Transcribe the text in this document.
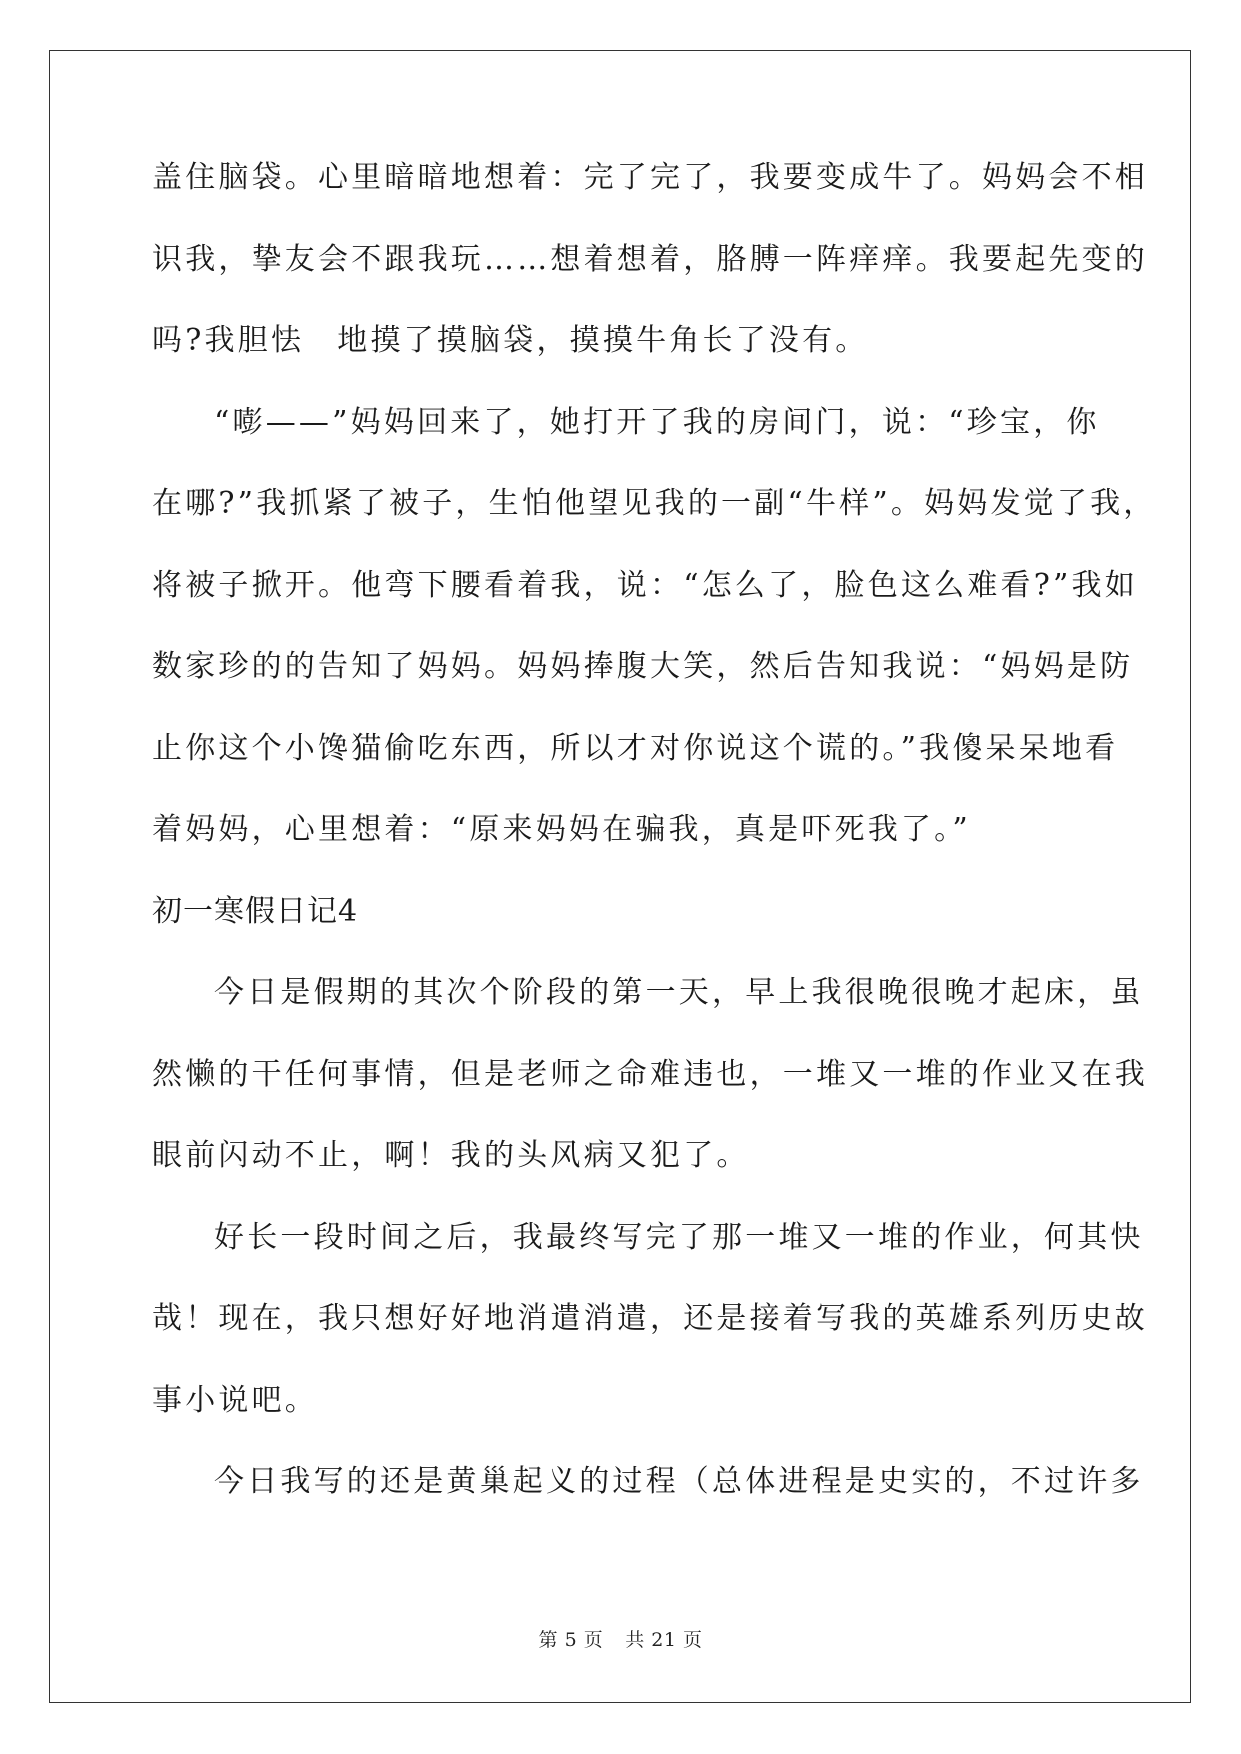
盖住脑袋。心里暗暗地想着：完了完了，我要变成牛了。妈妈会不相
识我，挚友会不跟我玩……想着想着，胳膊一阵痒痒。我要起先变的
吗?我胆怯　地摸了摸脑袋，摸摸牛角长了没有。
“嘭——”妈妈回来了，她打开了我的房间门，说：“珍宝，你
在哪?”我抓紧了被子，生怕他望见我的一副“牛样”。妈妈发觉了我，
将被子掀开。他弯下腰看着我，说：“怎么了，脸色这么难看?”我如
数家珍的的告知了妈妈。妈妈捧腹大笑，然后告知我说：“妈妈是防
止你这个小馋猫偷吃东西，所以才对你说这个谎的。”我傻呆呆地看
着妈妈，心里想着：“原来妈妈在骗我，真是吓死我了。”
初一寒假日记4
今日是假期的其次个阶段的第一天，早上我很晚很晚才起床，虽
然懒的干任何事情，但是老师之命难违也，一堆又一堆的作业又在我
眼前闪动不止，啊！我的头风病又犯了。
好长一段时间之后，我最终写完了那一堆又一堆的作业，何其快
哉！现在，我只想好好地消遣消遣，还是接着写我的英雄系列历史故
事小说吧。
今日我写的还是黄巢起义的过程（总体进程是史实的，不过许多
第 5 页 共 21 页
